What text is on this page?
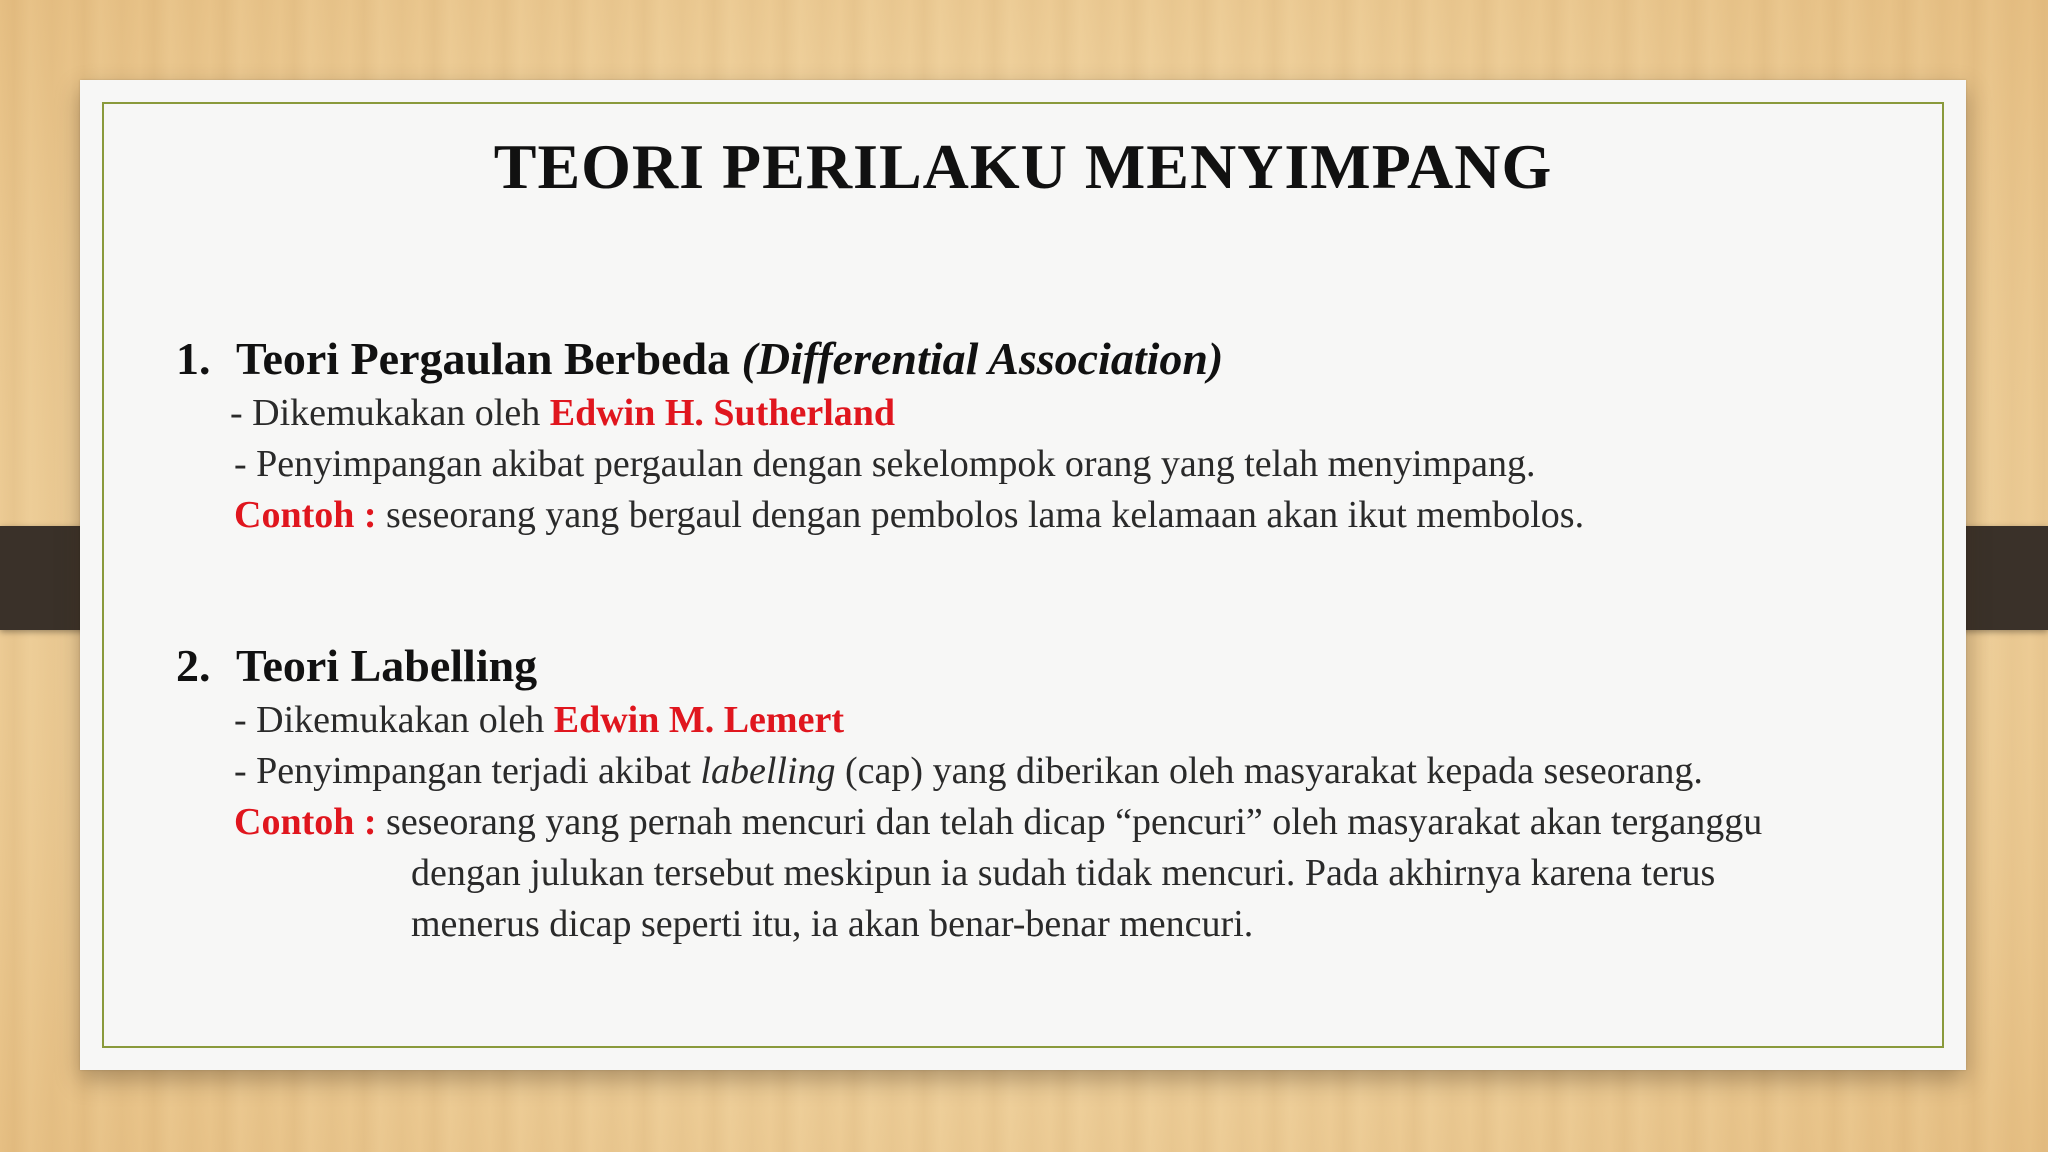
TEORI PERILAKU MENYIMPANG
1. Teori Pergaulan Berbeda (Differential Association)
- Dikemukakan oleh Edwin H. Sutherland
- Penyimpangan akibat pergaulan dengan sekelompok orang yang telah menyimpang.
Contoh : seseorang yang bergaul dengan pembolos lama kelamaan akan ikut membolos.
2. Teori Labelling
- Dikemukakan oleh Edwin M. Lemert
- Penyimpangan terjadi akibat labelling (cap) yang diberikan oleh masyarakat kepada seseorang.
Contoh : seseorang yang pernah mencuri dan telah dicap “pencuri” oleh masyarakat akan terganggu
dengan julukan tersebut meskipun ia sudah tidak mencuri. Pada akhirnya karena terus
menerus dicap seperti itu, ia akan benar-benar mencuri.
